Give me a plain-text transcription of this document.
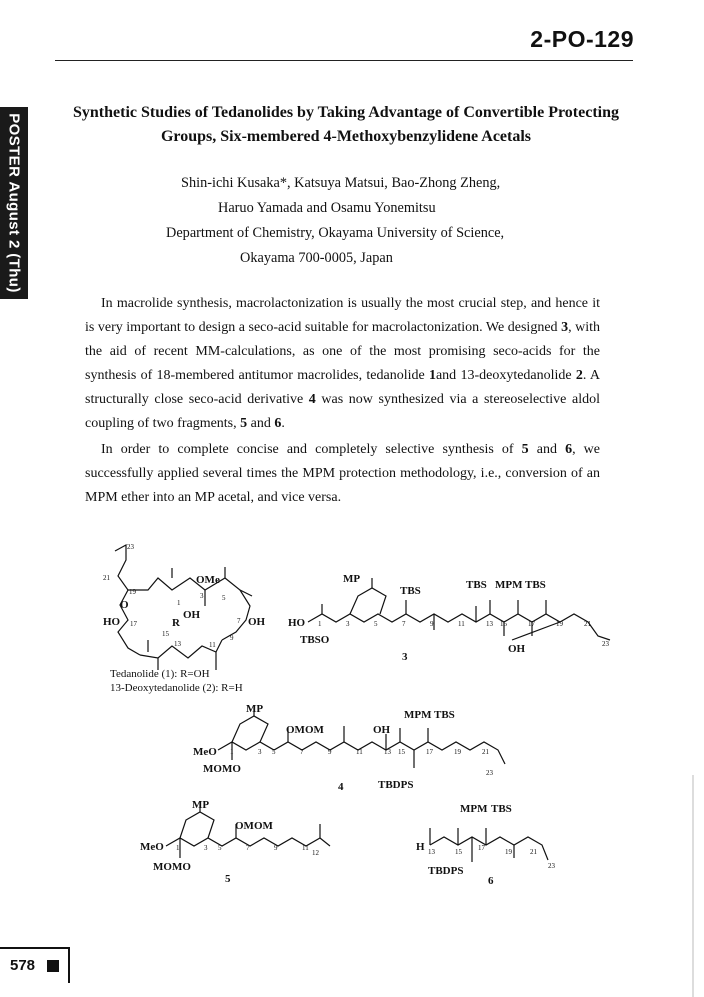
2-PO-129
POSTER August 2 (Thu)
Synthetic Studies of Tedanolides by Taking Advantage of Convertible Protecting Groups, Six-membered 4-Methoxybenzylidene Acetals
Shin-ichi Kusaka*, Katsuya Matsui, Bao-Zhong Zheng,
Haruo Yamada and Osamu Yonemitsu
Department of Chemistry, Okayama University of Science,
Okayama 700-0005, Japan

In macrolide synthesis, macrolactonization is usually the most crucial step, and hence it is very important to design a seco-acid suitable for macrolactonization. We designed 3, with the aid of recent MM-calculations, as one of the most promising seco-acids for the synthesis of 18-membered antitumor macrolides, tedanolide 1and 13-deoxytedanolide 2. A structurally close seco-acid derivative 4 was now synthesized via a stereoselective aldol coupling of two fragments, 5 and 6.

In order to complete concise and completely selective synthesis of 5 and 6, we successfully applied several times the MPM protection methodology, i.e., conversion of an MPM ether into an MP acetal, and vice versa.

23
21
19
17
15
13	11
9
7
5
3
1
OMe
OH
OH
HO	R
O
Tedanolide (1): R=OH
13-Deoxytedanolide (2): R=H
MP
TBS	TBS MPM TBS
HO
TBSO
OH
1	3	5	7	9	11	13 15	17	19	21
23
3
MP
OMOM	OH
MPM TBS
MeO
MOMO
TBDPS
1	3 5	7	9	11	13 15	17	19	21
23
4
MP
OMOM
MeO
MOMO
1	3 5	7	9	11
12
5
MPM TBS
H
TBDPS
13	15 17	19	21
23
6
578
